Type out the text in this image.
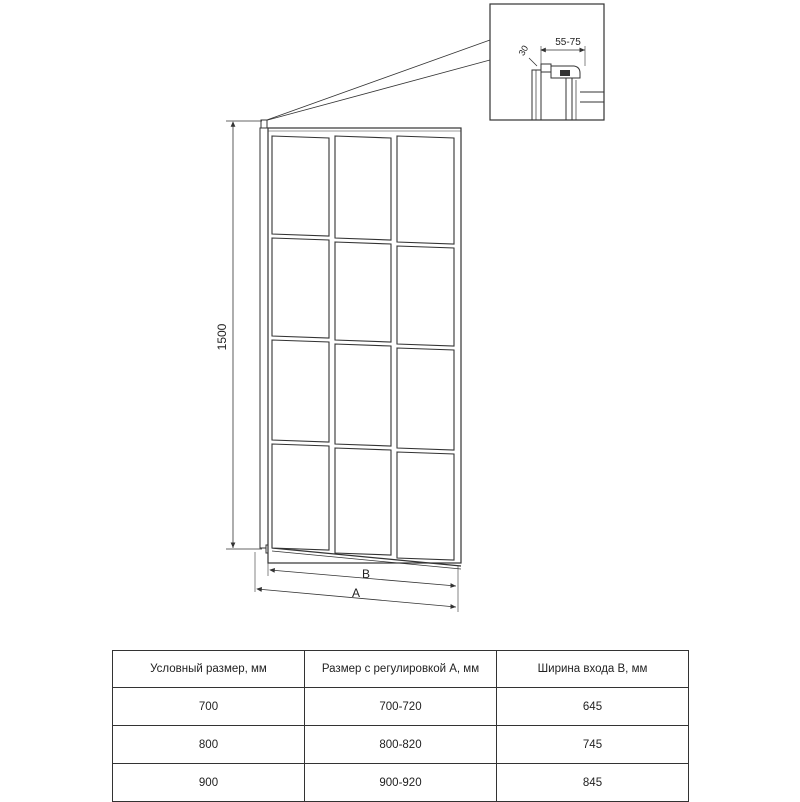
55-75
30
1500
B
A
Условный размер, мм	Размер с регулировкой А, мм	Ширина входа В, мм
700	700-720	645
800	800-820	745
900	900-920	845
